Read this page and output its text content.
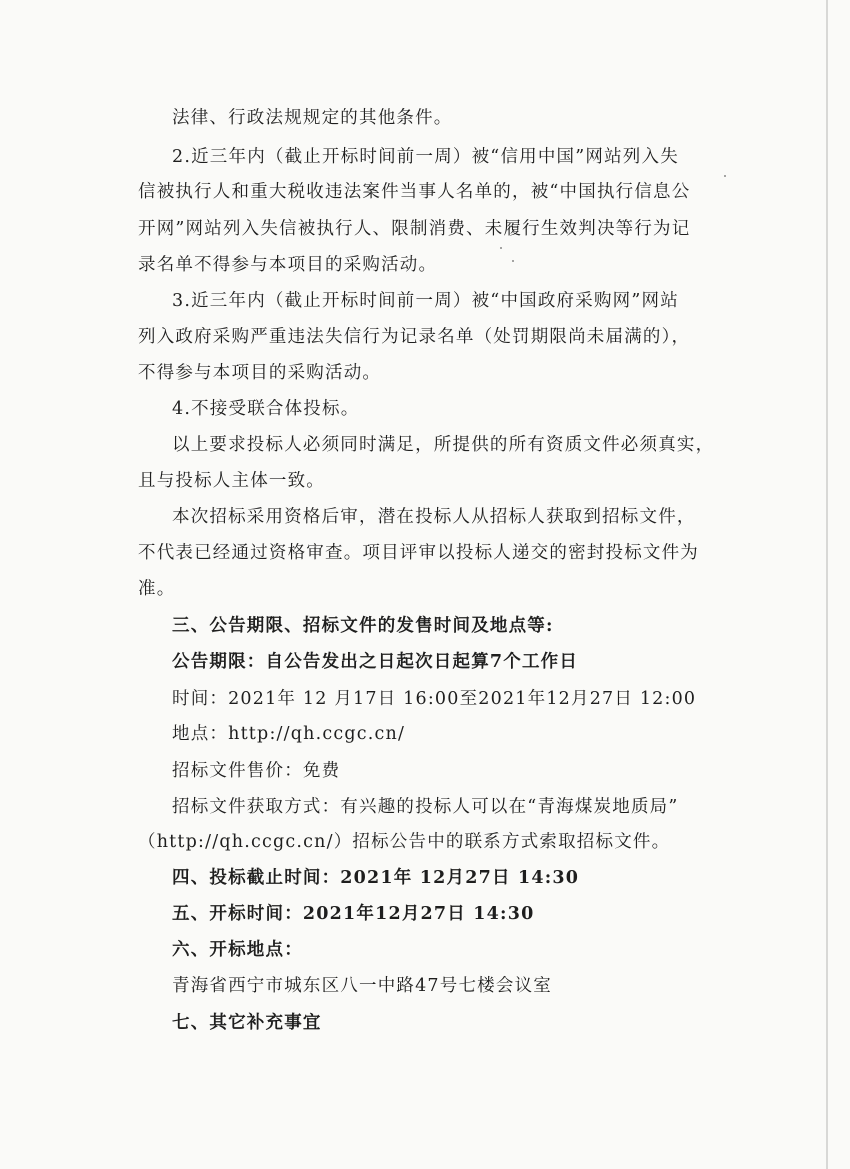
法律、行政法规规定的其他条件。
2.近三年内（截止开标时间前一周）被“信用中国”网站列入失
信被执行人和重大税收违法案件当事人名单的，被“中国执行信息公
开网”网站列入失信被执行人、限制消费、未履行生效判决等行为记
录名单不得参与本项目的采购活动。
3.近三年内（截止开标时间前一周）被“中国政府采购网”网站
列入政府采购严重违法失信行为记录名单（处罚期限尚未届满的），
不得参与本项目的采购活动。
4.不接受联合体投标。
以上要求投标人必须同时满足，所提供的所有资质文件必须真实，
且与投标人主体一致。
本次招标采用资格后审，潜在投标人从招标人获取到招标文件，
不代表已经通过资格审查。项目评审以投标人递交的密封投标文件为
准。
三、公告期限、招标文件的发售时间及地点等:
公告期限：自公告发出之日起次日起算7个工作日
时间：2021年 12 月17日 16:00至2021年12月27日 12:00
地点：http://qh.ccgc.cn/
招标文件售价：免费
招标文件获取方式：有兴趣的投标人可以在“青海煤炭地质局”
（http://qh.ccgc.cn/）招标公告中的联系方式索取招标文件。
四、投标截止时间：2021年 12月27日 14:30
五、开标时间：2021年12月27日 14:30
六、开标地点：
青海省西宁市城东区八一中路47号七楼会议室
七、其它补充事宜
